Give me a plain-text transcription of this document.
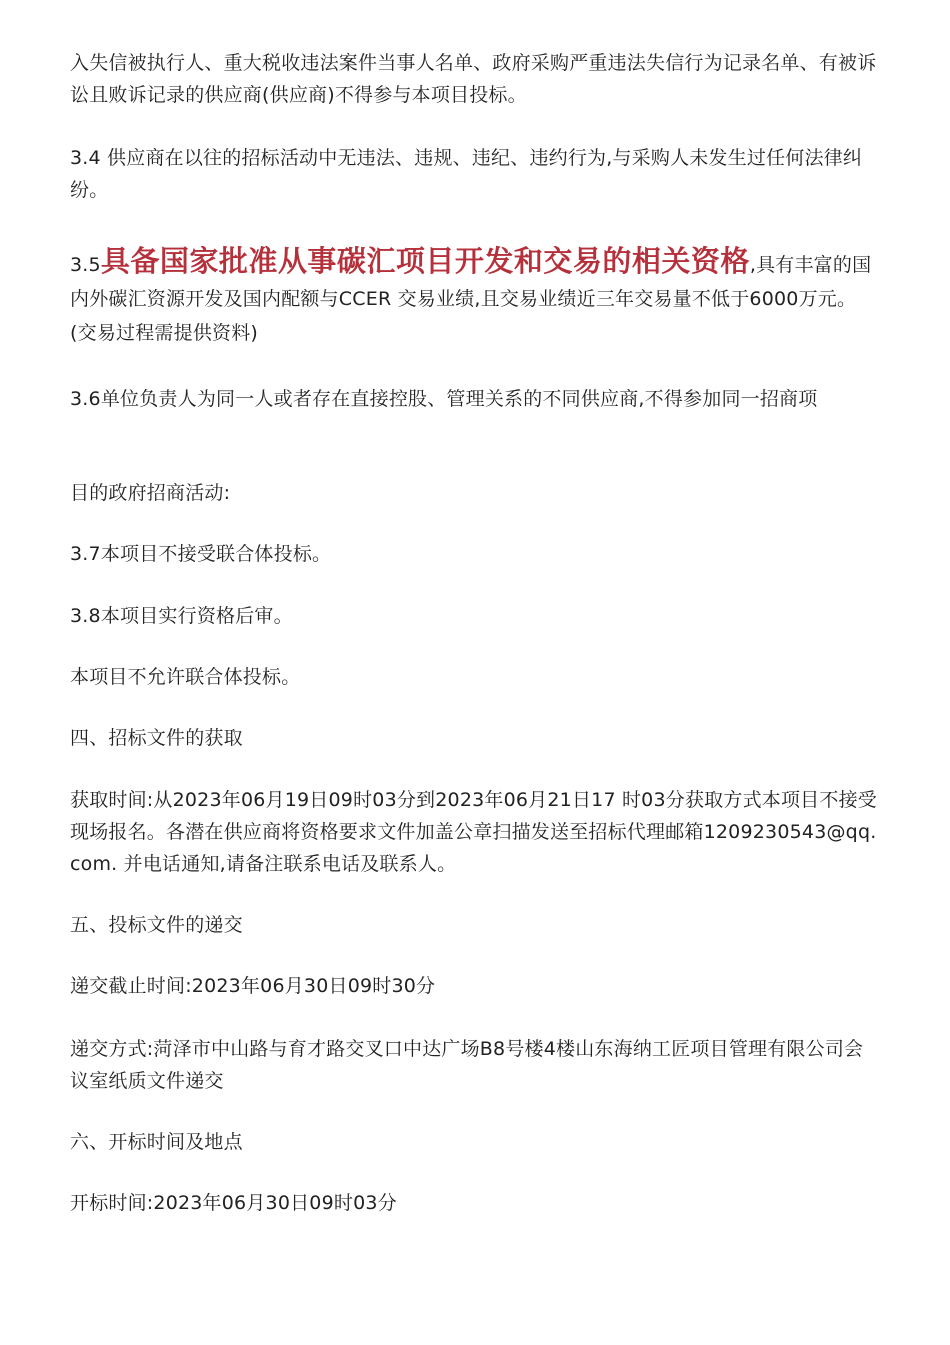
入失信被执行人、重大税收违法案件当事人名单、政府采购严重违法失信行为记录名单、有被诉讼且败诉记录的供应商(供应商)不得参与本项目投标。

3.4 供应商在以往的招标活动中无违法、违规、违纪、违约行为,与采购人未发生过任何法律纠纷。

3.5具备国家批准从事碳汇项目开发和交易的相关资格,具有丰富的国内外碳汇资源开发及国内配额与CCER 交易业绩,且交易业绩近三年交易量不低于6000万元。(交易过程需提供资料)

3.6单位负责人为同一人或者存在直接控股、管理关系的不同供应商,不得参加同一招商项

目的政府招商活动:

3.7本项目不接受联合体投标。

3.8本项目实行资格后审。

本项目不允许联合体投标。

四、招标文件的获取

获取时间:从2023年06月19日09时03分到2023年06月21日17 时03分获取方式本项目不接受现场报名。各潜在供应商将资格要求文件加盖公章扫描发送至招标代理邮箱1209230543@qq.com. 并电话通知,请备注联系电话及联系人。

五、投标文件的递交

递交截止时间:2023年06月30日09时30分

递交方式:菏泽市中山路与育才路交叉口中达广场B8号楼4楼山东海纳工匠项目管理有限公司会议室纸质文件递交

六、开标时间及地点

开标时间:2023年06月30日09时03分
